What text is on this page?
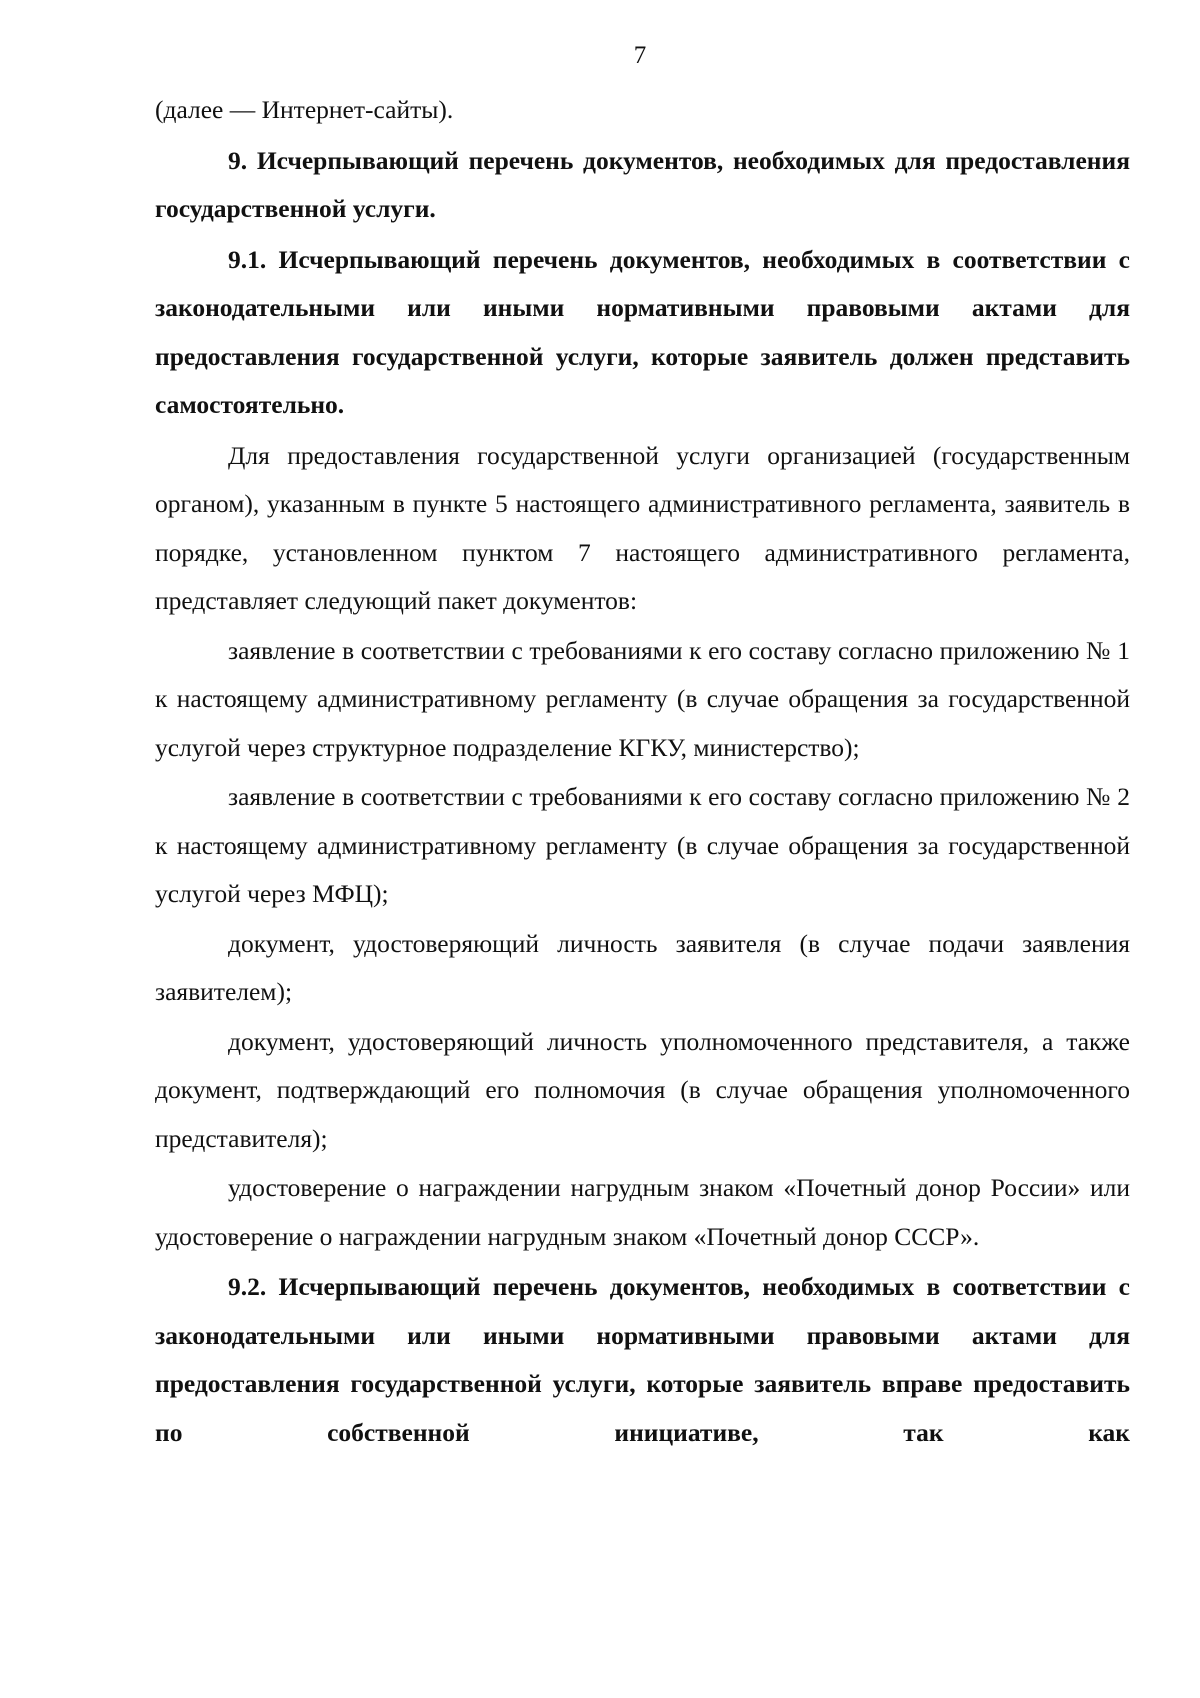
7

(далее — Интернет-сайты).

9. Исчерпывающий перечень документов, необходимых для предоставления государственной услуги.

9.1. Исчерпывающий перечень документов, необходимых в соответствии с законодательными или иными нормативными правовыми актами для предоставления государственной услуги, которые заявитель должен представить самостоятельно.

Для предоставления государственной услуги организацией (государственным органом), указанным в пункте 5 настоящего административного регламента, заявитель в порядке, установленном пунктом 7 настоящего административного регламента, представляет следующий пакет документов:

заявление в соответствии с требованиями к его составу согласно приложению № 1 к настоящему административному регламенту (в случае обращения за государственной услугой через структурное подразделение КГКУ, министерство);

заявление в соответствии с требованиями к его составу согласно приложению № 2 к настоящему административному регламенту (в случае обращения за государственной услугой через МФЦ);

документ, удостоверяющий личность заявителя (в случае подачи заявления заявителем);

документ, удостоверяющий личность уполномоченного представителя, а также документ, подтверждающий его полномочия (в случае обращения уполномоченного представителя);

удостоверение о награждении нагрудным знаком «Почетный донор России» или удостоверение о награждении нагрудным знаком «Почетный донор СССР».

9.2. Исчерпывающий перечень документов, необходимых в соответствии с законодательными или иными нормативными правовыми актами для предоставления государственной услуги, которые заявитель вправе предоставить по собственной инициативе, так как
